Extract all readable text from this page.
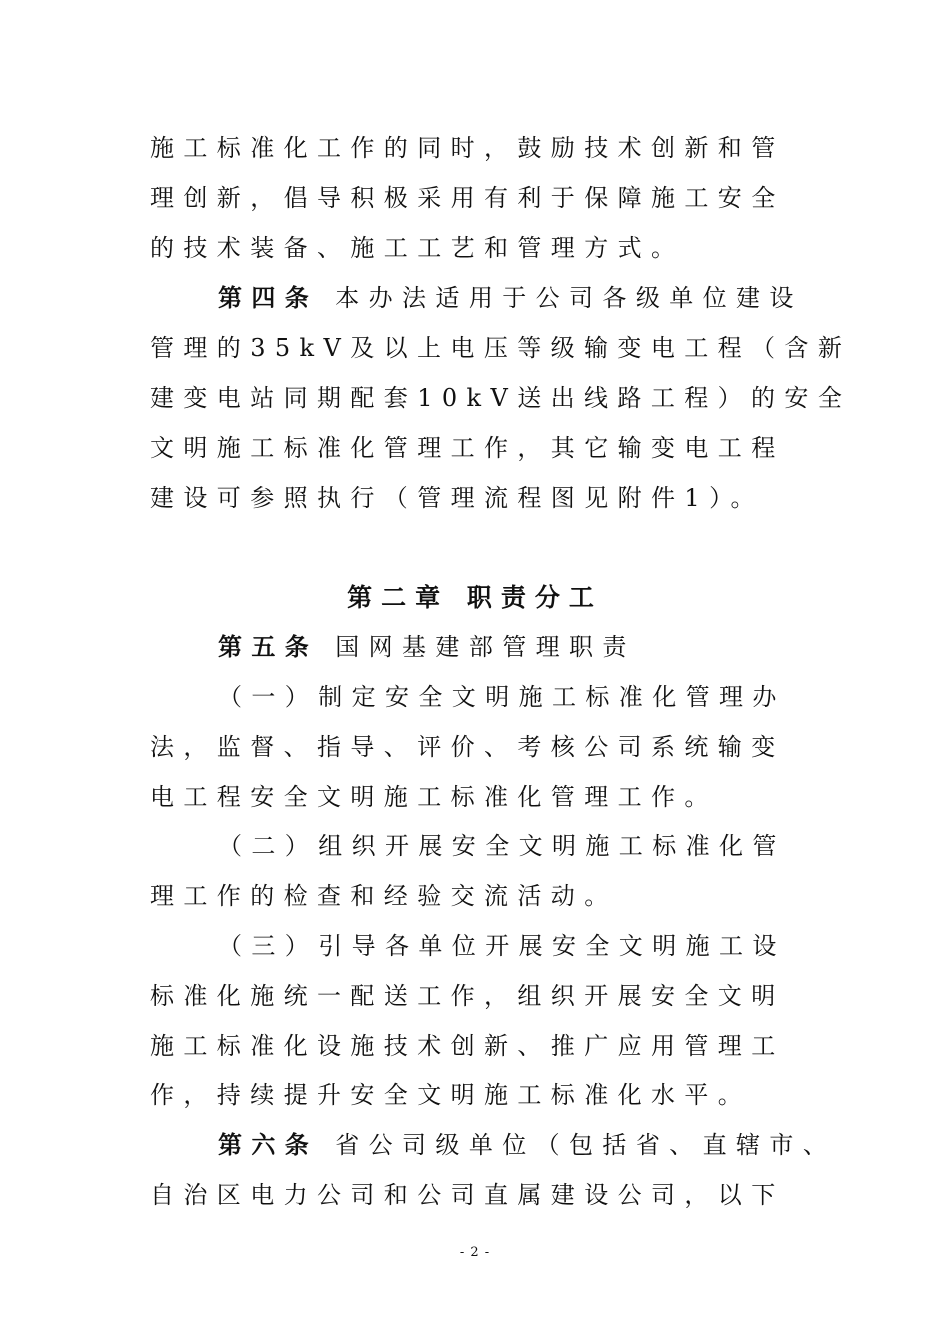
施工标准化工作的同时，鼓励技术创新和管
理创新，倡导积极采用有利于保障施工安全
的技术装备、施工工艺和管理方式。
第四条 本办法适用于公司各级单位建设
管理的35kV及以上电压等级输变电工程（含新
建变电站同期配套10kV送出线路工程）的安全
文明施工标准化管理工作，其它输变电工程
建设可参照执行（管理流程图见附件1）。
第二章 职责分工
第五条 国网基建部管理职责
（一）制定安全文明施工标准化管理办
法，监督、指导、评价、考核公司系统输变
电工程安全文明施工标准化管理工作。
（二）组织开展安全文明施工标准化管
理工作的检查和经验交流活动。
（三）引导各单位开展安全文明施工设
标准化施统一配送工作，组织开展安全文明
施工标准化设施技术创新、推广应用管理工
作，持续提升安全文明施工标准化水平。
第六条 省公司级单位（包括省、直辖市、
自治区电力公司和公司直属建设公司，以下
- 2 -
